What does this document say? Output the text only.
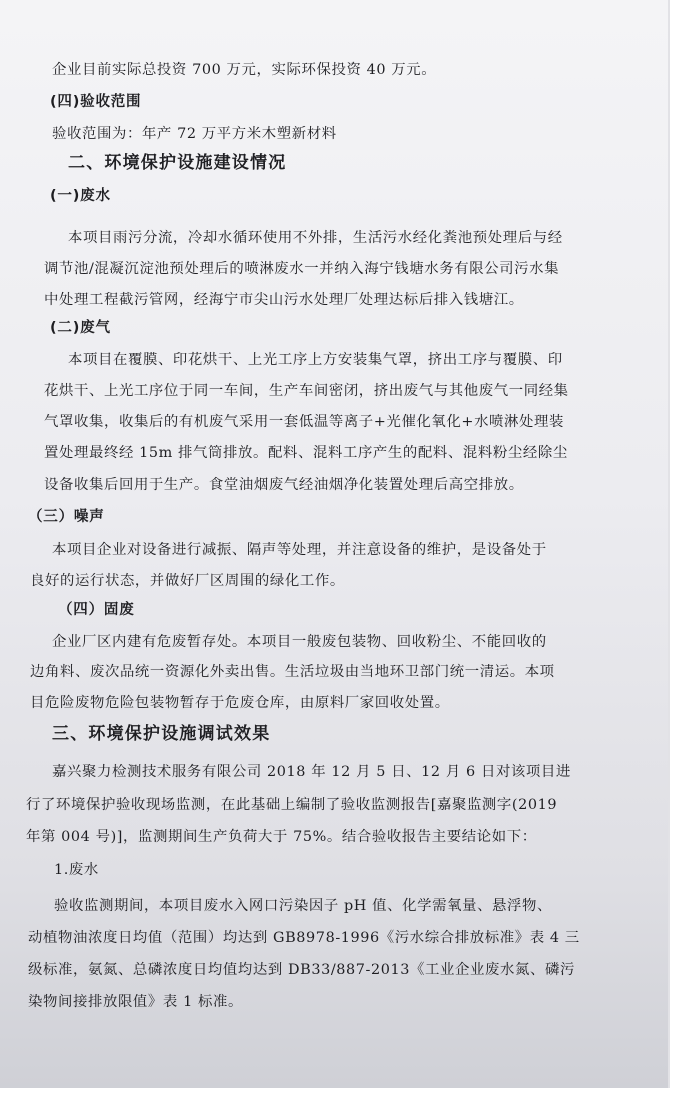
企业目前实际总投资 700 万元，实际环保投资 40 万元。
(四)验收范围
验收范围为：年产 72 万平方米木塑新材料
二、环境保护设施建设情况
(一)废水
本项目雨污分流，冷却水循环使用不外排，生活污水经化粪池预处理后与经
调节池/混凝沉淀池预处理后的喷淋废水一并纳入海宁钱塘水务有限公司污水集
中处理工程截污管网，经海宁市尖山污水处理厂处理达标后排入钱塘江。
(二)废气
本项目在覆膜、印花烘干、上光工序上方安装集气罩，挤出工序与覆膜、印
花烘干、上光工序位于同一车间，生产车间密闭，挤出废气与其他废气一同经集
气罩收集，收集后的有机废气采用一套低温等离子+光催化氧化+水喷淋处理装
置处理最终经 15m 排气筒排放。配料、混料工序产生的配料、混料粉尘经除尘
设备收集后回用于生产。食堂油烟废气经油烟净化装置处理后高空排放。
（三）噪声
本项目企业对设备进行减振、隔声等处理，并注意设备的维护，是设备处于
良好的运行状态，并做好厂区周围的绿化工作。
（四）固废
企业厂区内建有危废暂存处。本项目一般废包装物、回收粉尘、不能回收的
边角料、废次品统一资源化外卖出售。生活垃圾由当地环卫部门统一清运。本项
目危险废物危险包装物暂存于危废仓库，由原料厂家回收处置。
三、环境保护设施调试效果
嘉兴聚力检测技术服务有限公司 2018 年 12 月 5 日、12 月 6 日对该项目进
行了环境保护验收现场监测，在此基础上编制了验收监测报告[嘉聚监测字(2019
年第 004 号)]，监测期间生产负荷大于 75%。结合验收报告主要结论如下：
1.废水
验收监测期间，本项目废水入网口污染因子 pH 值、化学需氧量、悬浮物、
动植物油浓度日均值（范围）均达到 GB8978-1996《污水综合排放标准》表 4 三
级标准，氨氮、总磷浓度日均值均达到 DB33/887-2013《工业企业废水氮、磷污
染物间接排放限值》表 1 标准。
